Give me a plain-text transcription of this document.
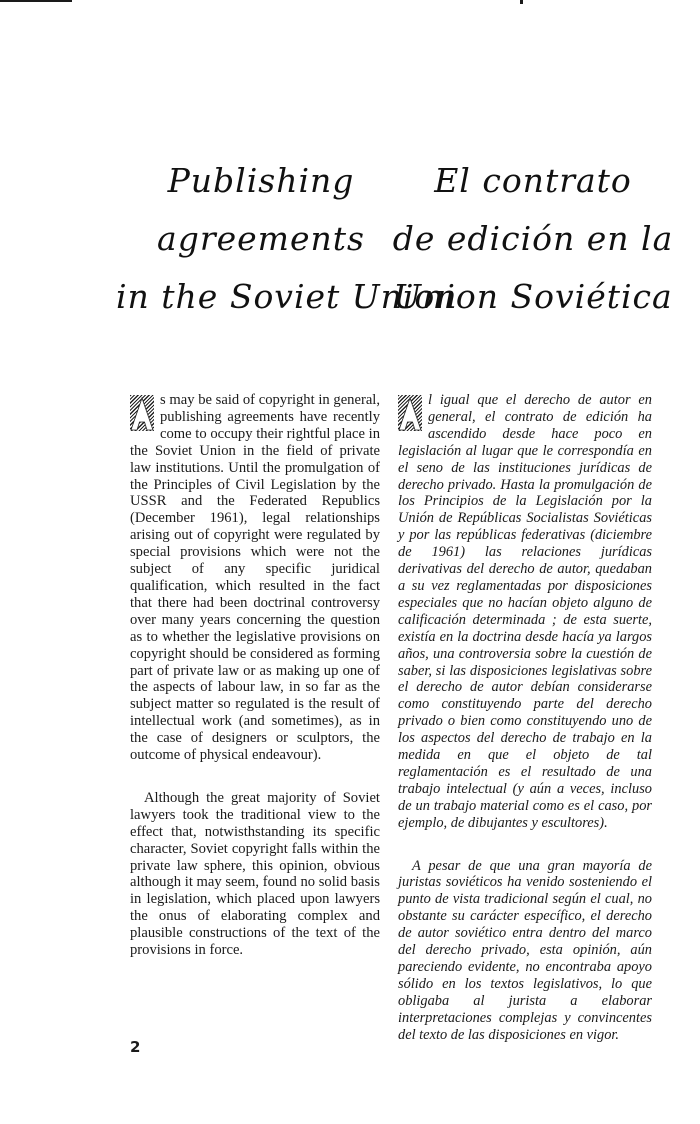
Publishing
agreements
in the Soviet Union
El contrato
de edición en la
Union Soviética

s may be said of copyright in general, publishing agreements have recently come to occupy their rightful place in the Soviet Union in the field of private law institutions. Until the promulgation of the Principles of Civil Legislation by the USSR and the Federated Republics (December 1961), legal relationships arising out of copyright were regulated by special provisions which were not the subject of any specific juridical qualification, which resulted in the fact that there had been doctrinal controversy over many years concerning the question as to whether the legislative provisions on copyright should be considered as forming part of private law or as making up one of the aspects of labour law, in so far as the subject matter so regulated is the result of intellectual work (and sometimes), as in the case of designers or sculptors, the outcome of physical endeavour).

Although the great majority of Soviet lawyers took the traditional view to the effect that, notwisthstanding its specific character, Soviet copyright falls within the private law sphere, this opinion, obvious although it may seem, found no solid basis in legislation, which placed upon lawyers the onus of elaborating complex and plausible constructions of the text of the provisions in force.

l igual que el derecho de autor en general, el contrato de edición ha ascendido desde hace poco en legislación al lugar que le correspondía en el seno de las instituciones jurídicas de derecho privado. Hasta la promulgación de los Principios de la Legislación por la Unión de Repúblicas Socialistas Soviéticas y por las repúblicas federativas (diciembre de 1961) las relaciones jurídicas derivativas del derecho de autor, quedaban a su vez reglamentadas por disposiciones especiales que no hacían objeto alguno de calificación determinada ; de esta suerte, existía en la doctrina desde hacía ya largos años, una controversia sobre la cuestión de saber, si las disposiciones legislativas sobre el derecho de autor debían considerarse como constituyendo parte del derecho privado o bien como constituyendo uno de los aspectos del derecho de trabajo en la medida en que el objeto de tal reglamentación es el resultado de una trabajo intelectual (y aún a veces, incluso de un trabajo material como es el caso, por ejemplo, de dibujantes y escultores).

A pesar de que una gran mayoría de juristas soviéticos ha venido sosteniendo el punto de vista tradicional según el cual, no obstante su carácter específico, el derecho de autor soviético entra dentro del marco del derecho privado, esta opinión, aún pareciendo evidente, no encontraba apoyo sólido en los textos legislativos, lo que obligaba al jurista a elaborar interpretaciones complejas y convincentes del texto de las disposiciones en vigor.

2
